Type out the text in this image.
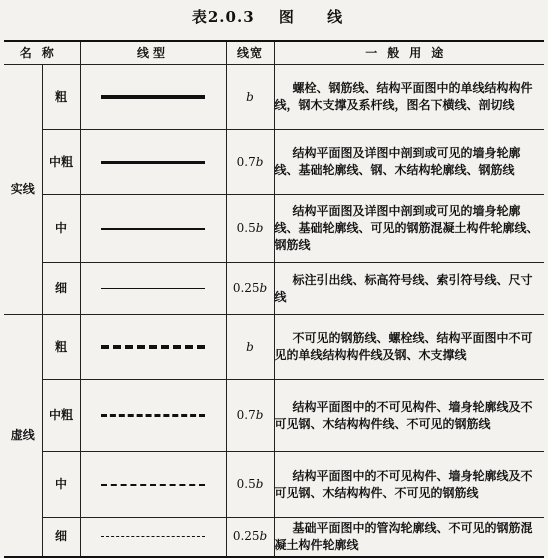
表2.0.3 图 线
名称		线型	线宽	一般用途
实线	粗		b	螺栓、钢筋线、结构平面图中的单线结构构件线，钢木支撑及系杆线，图名下横线、剖切线
	中粗		0.7b	结构平面图及详图中剖到或可见的墙身轮廓线、基础轮廓线、钢、木结构轮廓线、钢筋线
	中		0.5b	结构平面图及详图中剖到或可见的墙身轮廓线、基础轮廓线、可见的钢筋混凝土构件轮廓线、钢筋线
	细		0.25b	标注引出线、标高符号线、索引符号线、尺寸线
虚线	粗		b	不可见的钢筋线、螺栓线、结构平面图中不可见的单线结构构件线及钢、木支撑线
	中粗		0.7b	结构平面图中的不可见构件、墙身轮廓线及不可见钢、木结构构件线、不可见的钢筋线
	中		0.5b	结构平面图中的不可见构件、墙身轮廓线及不可见钢、木结构构件、不可见的钢筋线
	细		0.25b	基础平面图中的管沟轮廓线、不可见的钢筋混凝土构件轮廓线
